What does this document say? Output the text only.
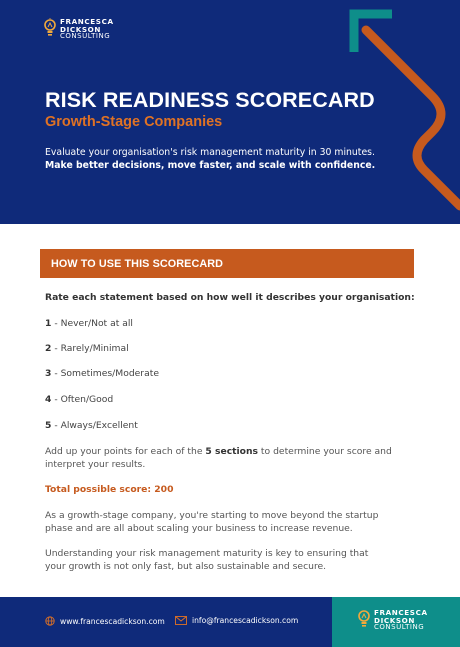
FRANCESCA
DICKSON
CONSULTING
RISK READINESS SCORECARD
Growth-Stage Companies

Evaluate your organisation's risk management maturity in 30 minutes.

Make better decisions, move faster, and scale with confidence.

HOW TO USE THIS SCORECARD

Rate each statement based on how well it describes your organisation:

1 - Never/Not at all

2 - Rarely/Minimal

3 - Sometimes/Moderate

4 - Often/Good

5 - Always/Excellent

Add up your points for each of the 5 sections to determine your score and
interpret your results.

Total possible score: 200

As a growth-stage company, you're starting to move beyond the startup
phase and are all about scaling your business to increase revenue.
Understanding your risk management maturity is key to ensuring that
your growth is not only fast, but also sustainable and secure.
www.francescadickson.com	info@francescadickson.com
FRANCESCA
DICKSON
CONSULTING
